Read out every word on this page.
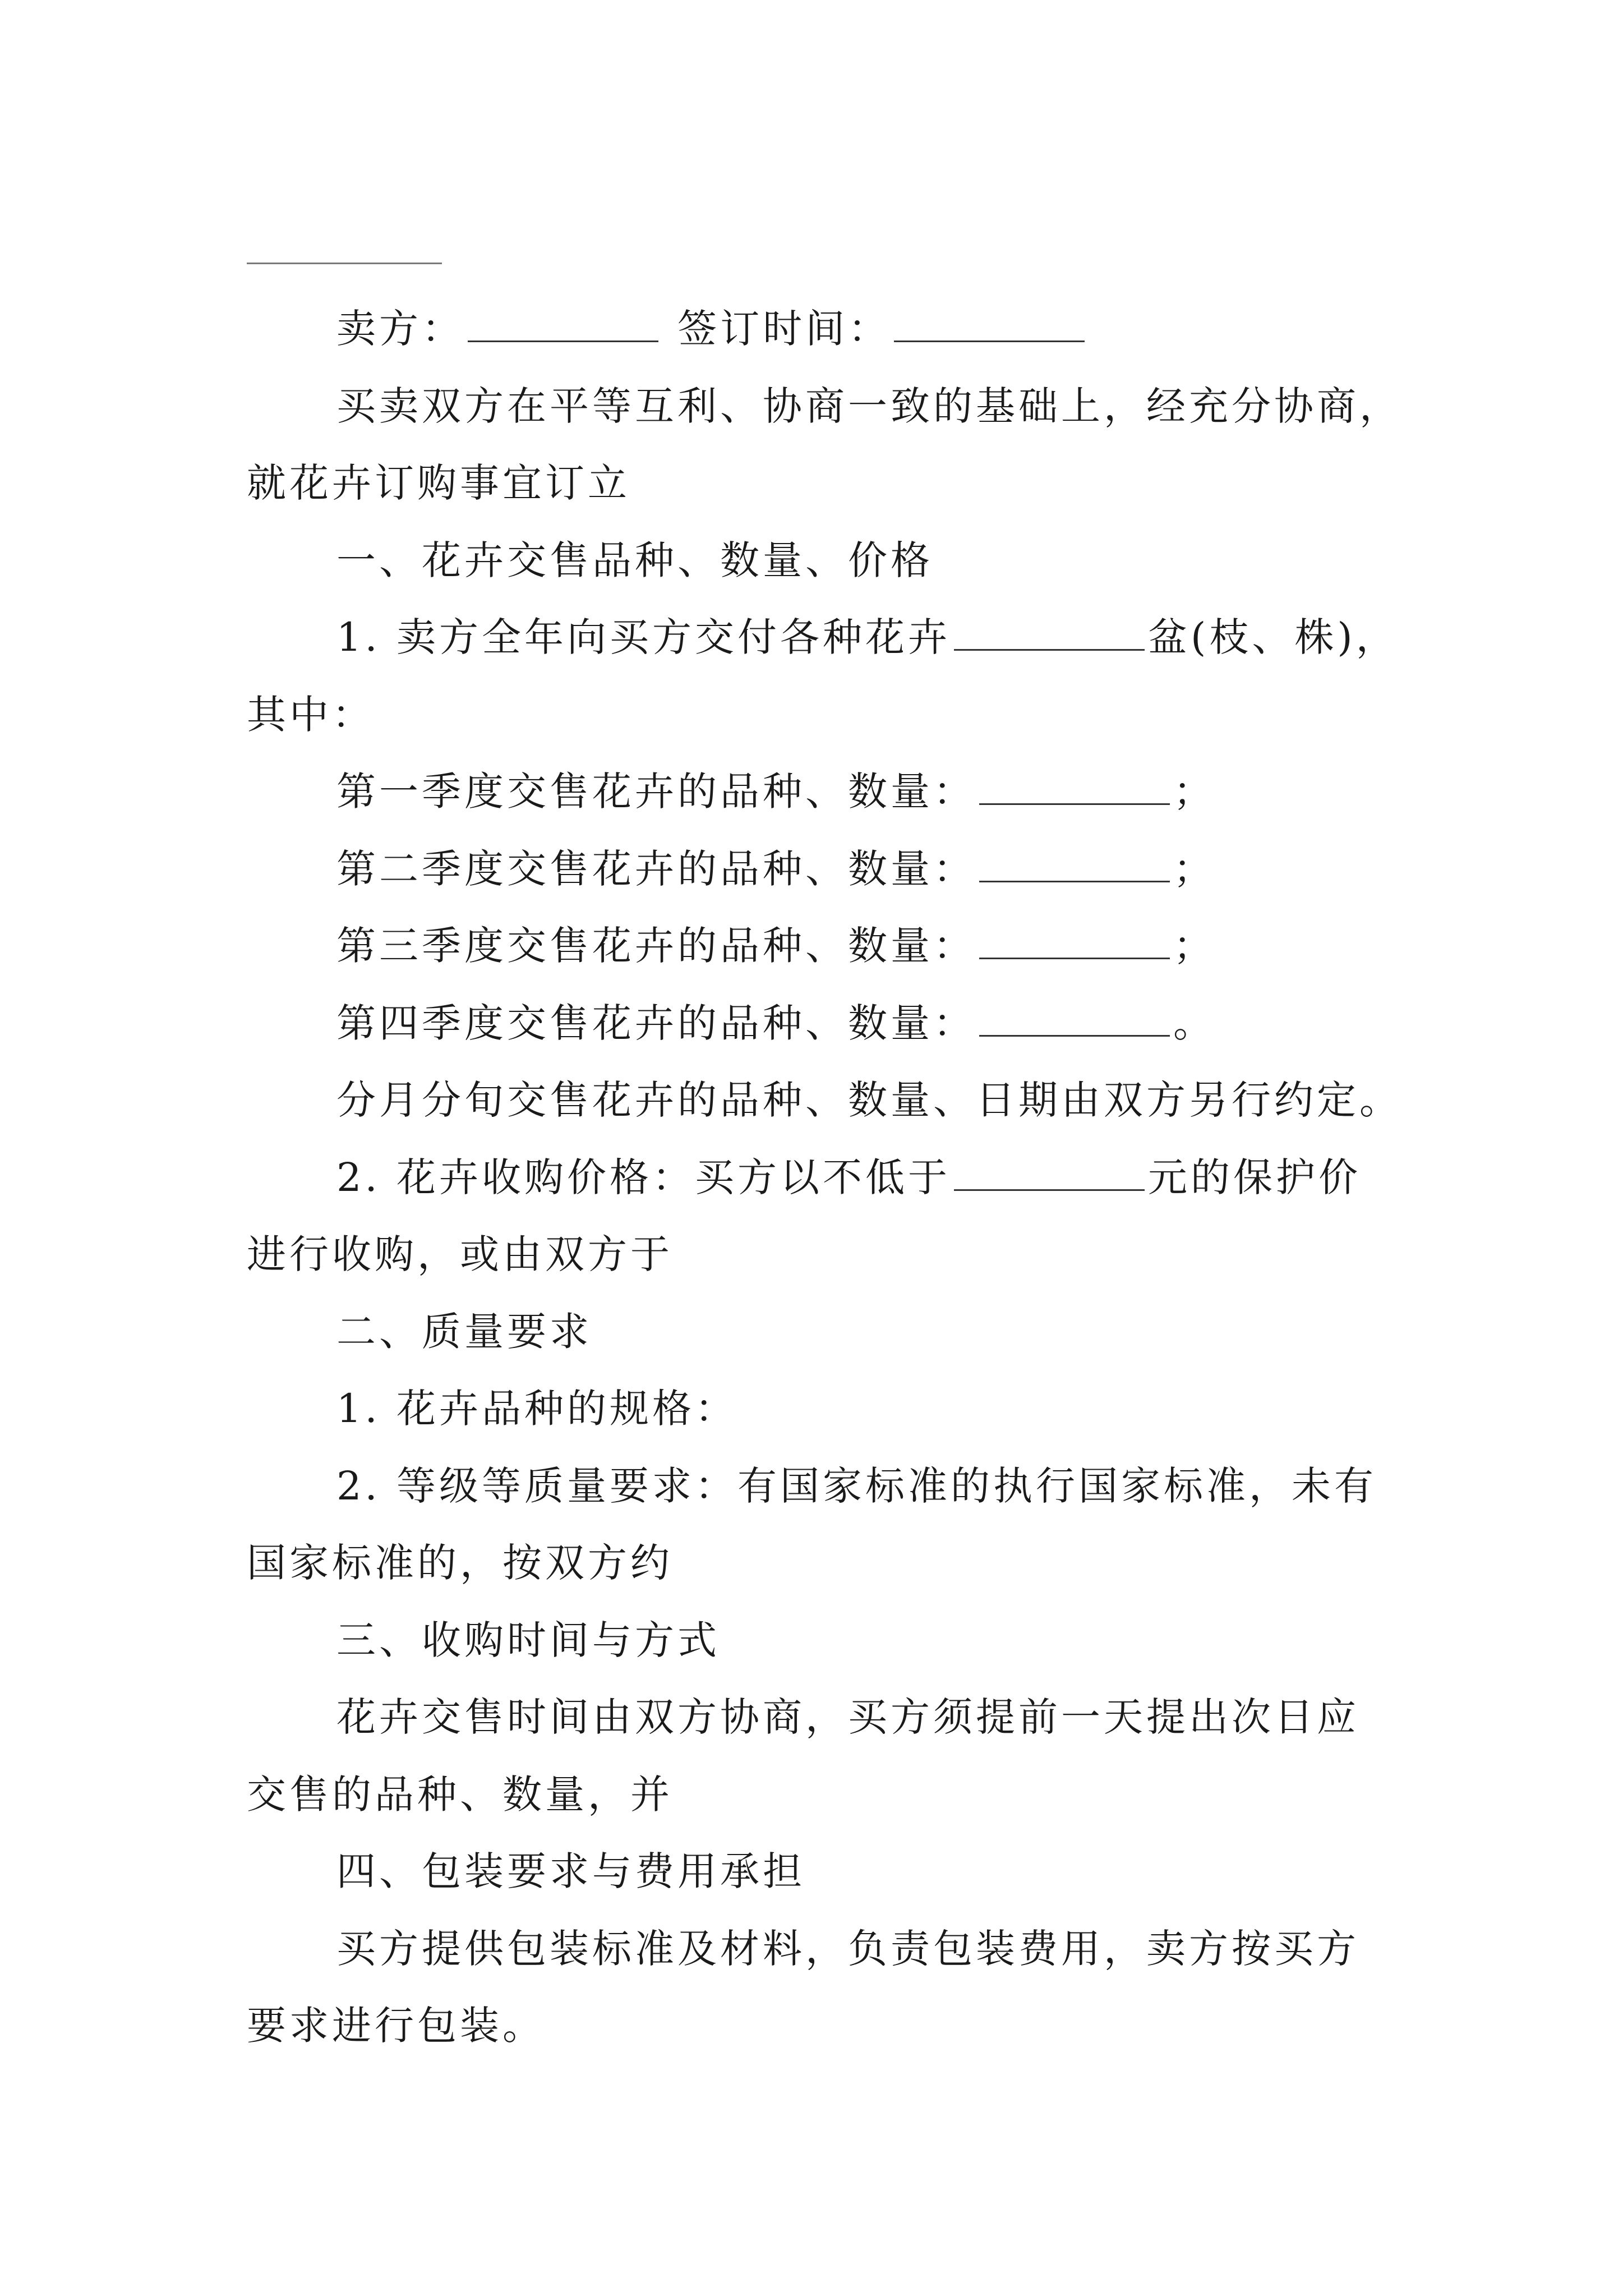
卖方：	签订时间：
买卖双方在平等互利、协商一致的基础上，经充分协商，
就花卉订购事宜订立
一、花卉交售品种、数量、价格
1. 卖方全年向买方交付各种花卉	盆(枝、株)，
其中：
第一季度交售花卉的品种、数量：	；
第二季度交售花卉的品种、数量：	；
第三季度交售花卉的品种、数量：	；
第四季度交售花卉的品种、数量：	。
分月分旬交售花卉的品种、数量、日期由双方另行约定。
2. 花卉收购价格：买方以不低于	元的保护价
进行收购，或由双方于
二、质量要求
1. 花卉品种的规格：
2. 等级等质量要求：有国家标准的执行国家标准，未有
国家标准的，按双方约
三、收购时间与方式
花卉交售时间由双方协商，买方须提前一天提出次日应
交售的品种、数量，并
四、包装要求与费用承担
买方提供包装标准及材料，负责包装费用，卖方按买方
要求进行包装。
